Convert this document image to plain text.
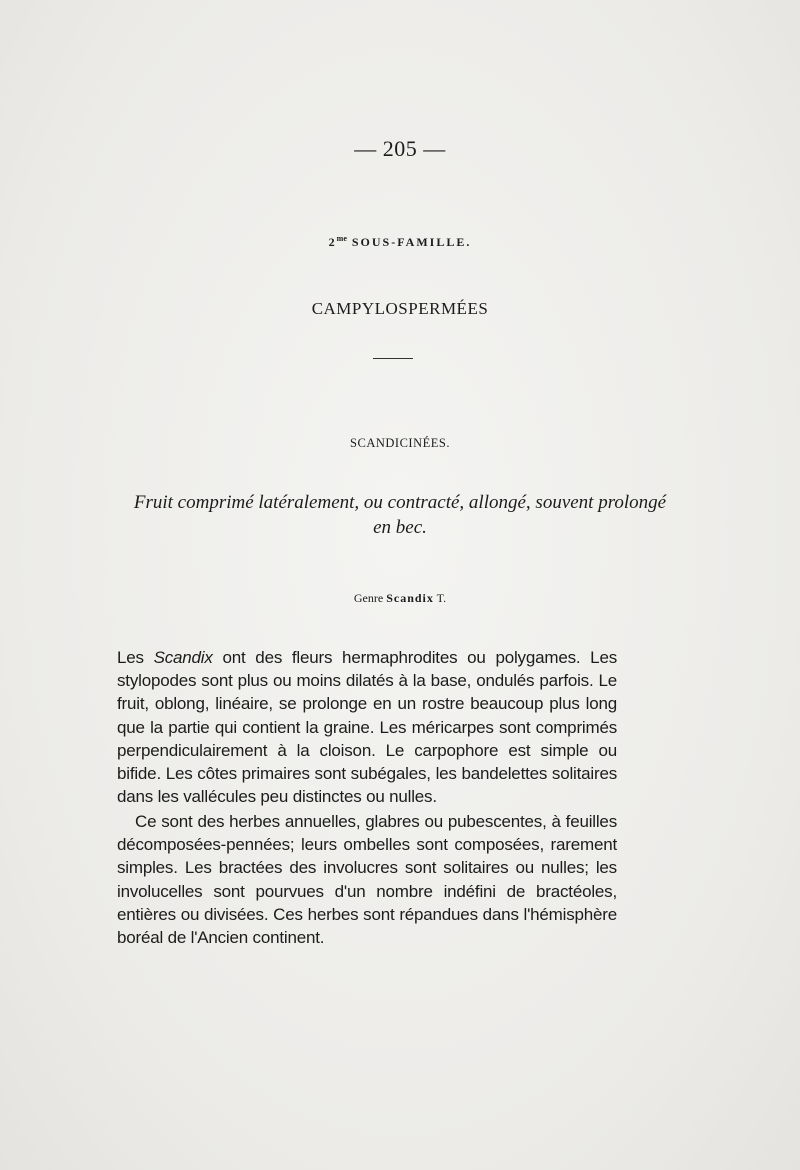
— 205 —
$2^{me}$ SOUS-FAMILLE.
CAMPYLOSPERMÉES
SCANDICINÉES.
Fruit comprimé latéralement, ou contracté, allongé, souvent prolongé en bec.
Genre Scandix T.
Les Scandix ont des fleurs hermaphrodites ou polygames. Les stylopodes sont plus ou moins dilatés à la base, ondulés parfois. Le fruit, oblong, linéaire, se prolonge en un rostre beaucoup plus long que la partie qui contient la graine. Les méricarpes sont comprimés perpendiculairement à la cloison. Le carpophore est simple ou bifide. Les côtes primaires sont subégales, les bandelettes solitaires dans les vallécules peu distinctes ou nulles.
Ce sont des herbes annuelles, glabres ou pubescentes, à feuilles décomposées-pennées; leurs ombelles sont composées, rarement simples. Les bractées des involucres sont solitaires ou nulles; les involucelles sont pourvues d'un nombre indéfini de bractéoles, entières ou divisées. Ces herbes sont répandues dans l'hémisphère boréal de l'Ancien continent.
